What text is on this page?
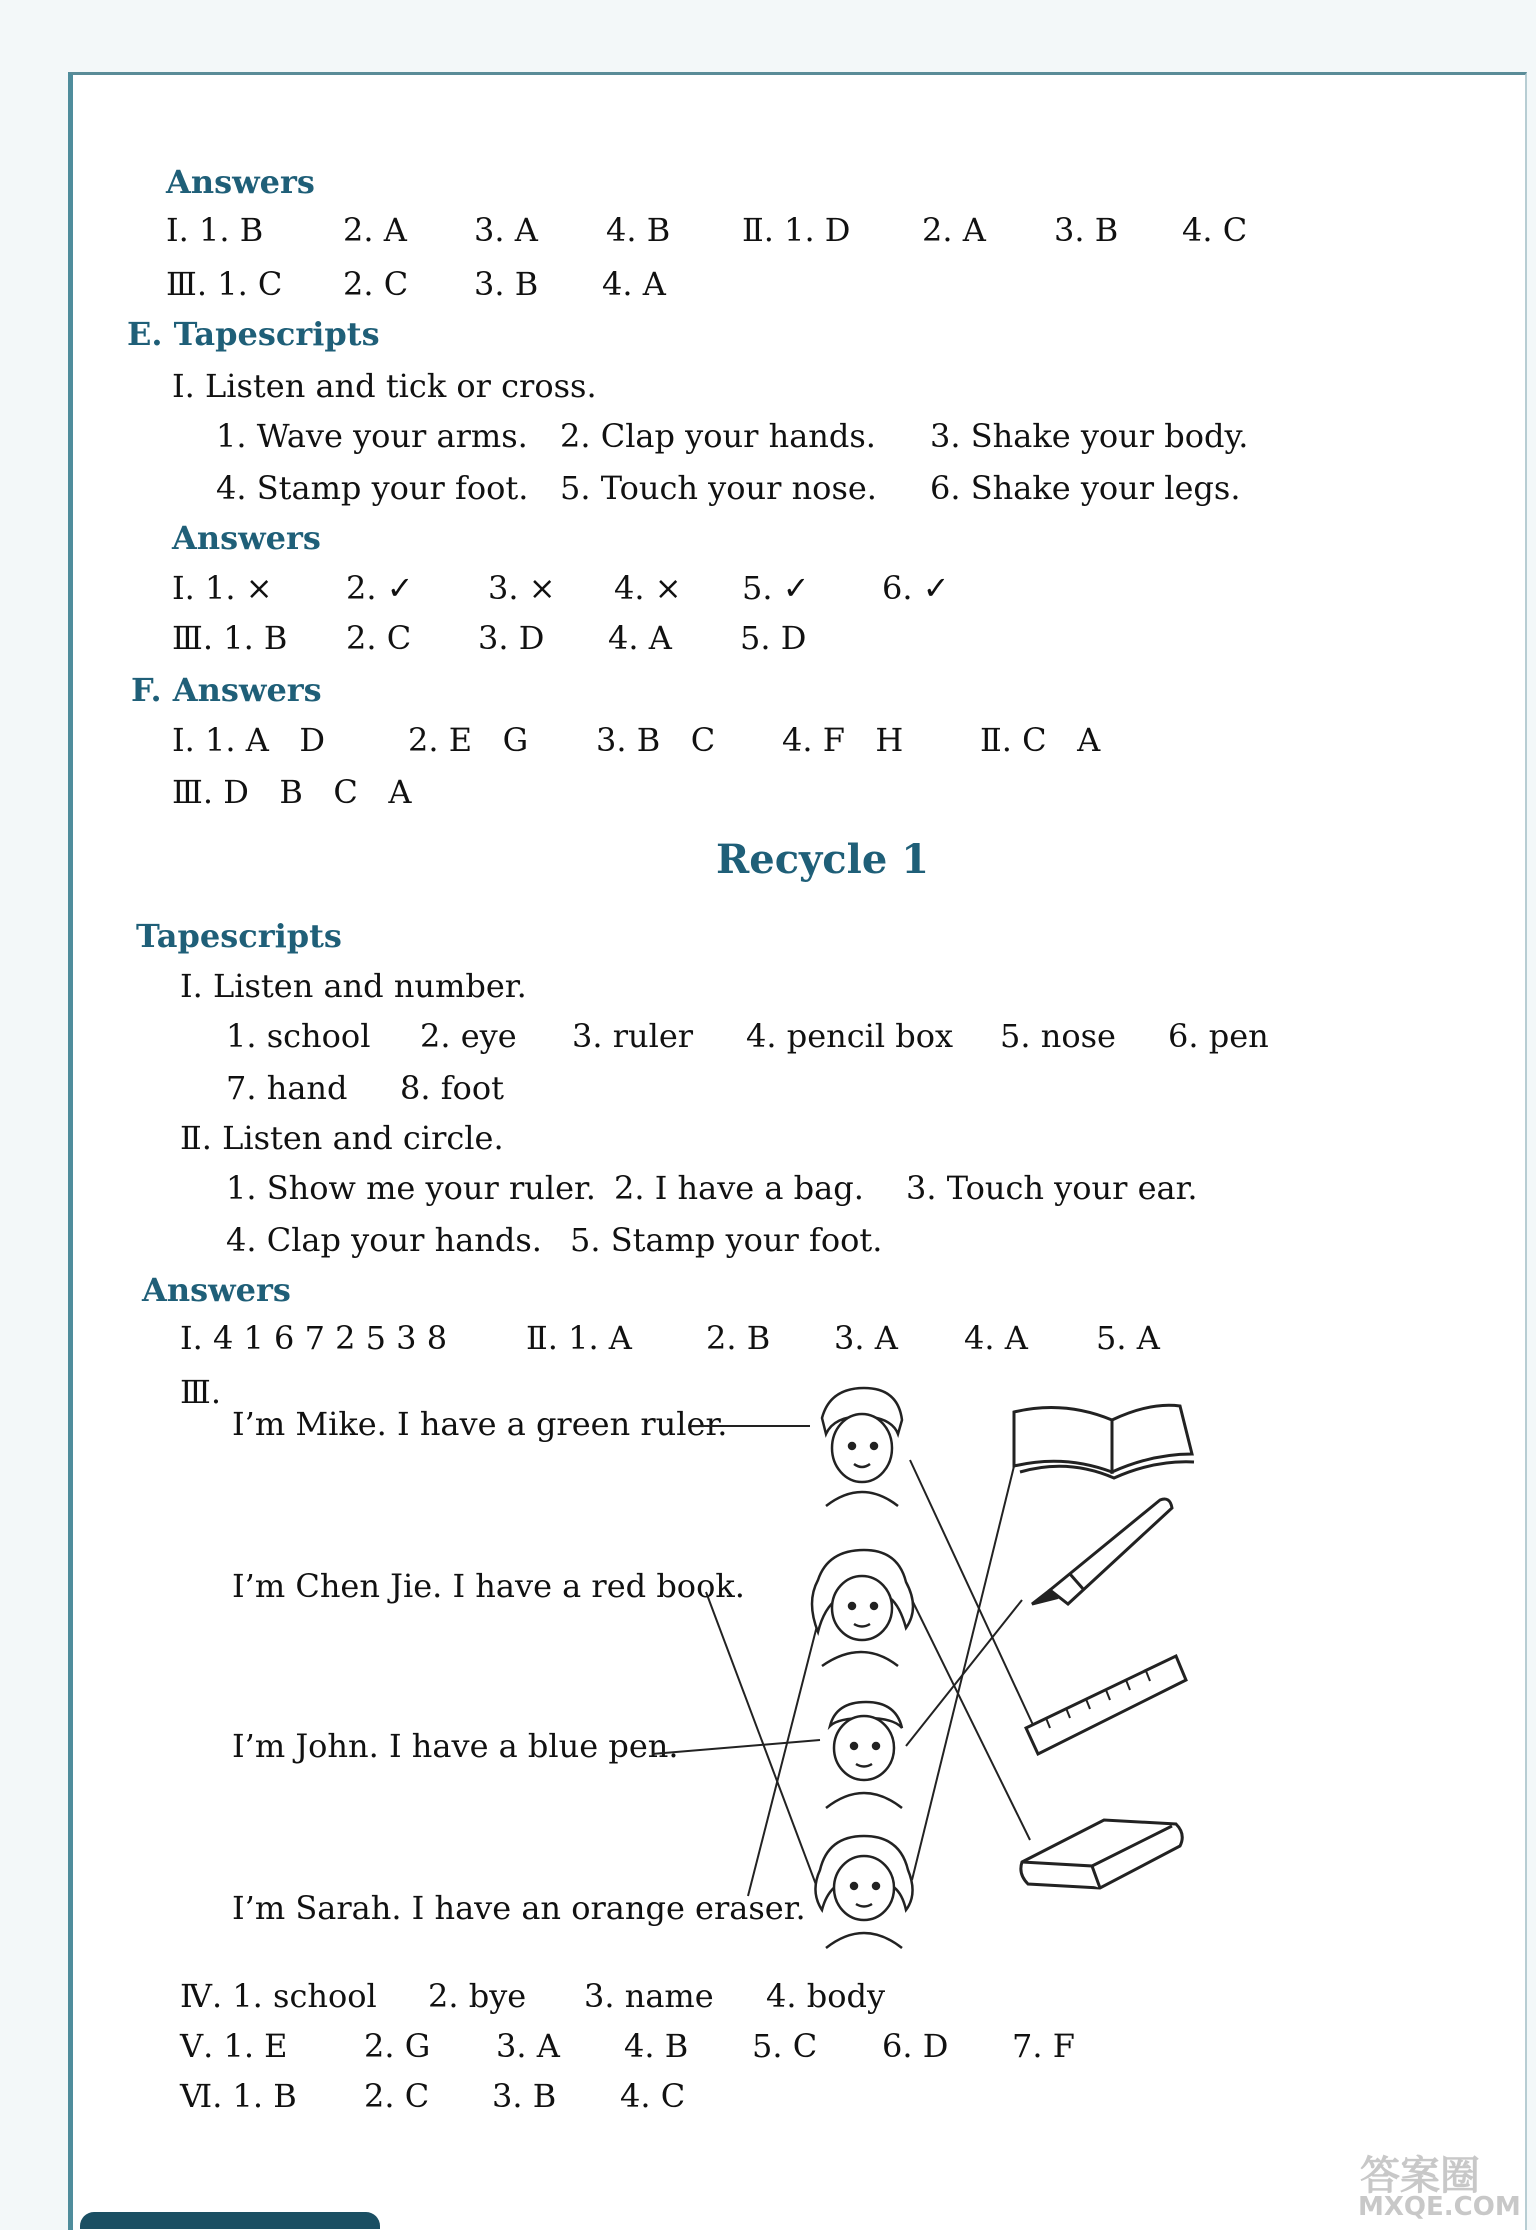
Answers
Ⅰ. 1. B 2. A 3. A 4. B Ⅱ. 1. D 2. A 3. B 4. C
Ⅲ. 1. C 2. C 3. B 4. A
E. Tapescripts
Ⅰ. Listen and tick or cross.
1. Wave your arms. 2. Clap your hands. 3. Shake your body.
4. Stamp your foot. 5. Touch your nose. 6. Shake your legs.
Answers
Ⅰ. 1. × 2. ✓ 3. × 4. × 5. ✓ 6. ✓
Ⅲ. 1. B 2. C 3. D 4. A 5. D
F. Answers
Ⅰ. 1. A   D	2. E   G 3. B   C 4. F   H Ⅱ. C   A
Ⅲ. D   B   C   A
Recycle 1
Tapescripts
Ⅰ. Listen and number.
1. school 2. eye 3. ruler 4. pencil box 5. nose 6. pen
7. hand 8. foot
Ⅱ. Listen and circle.
1. Show me your ruler. 2. I have a bag. 3. Touch your ear.
4. Clap your hands. 5. Stamp your foot.
Answers
Ⅰ. 4 1 6 7 2 5 3 8 Ⅱ. 1. A 2. B 3. A 4. A 5. A
Ⅲ.
I’m Mike. I have a green ruler.
I’m Chen Jie. I have a red book.
I’m John. I have a blue pen.
I’m Sarah. I have an orange eraser.
Ⅳ. 1. school 2. bye 3. name 4. body
Ⅴ. 1. E 2. G 3. A 4. B 5. C 6. D 7. F
Ⅵ. 1. B 2. C 3. B 4. C
答案圈
MXQE.COM
